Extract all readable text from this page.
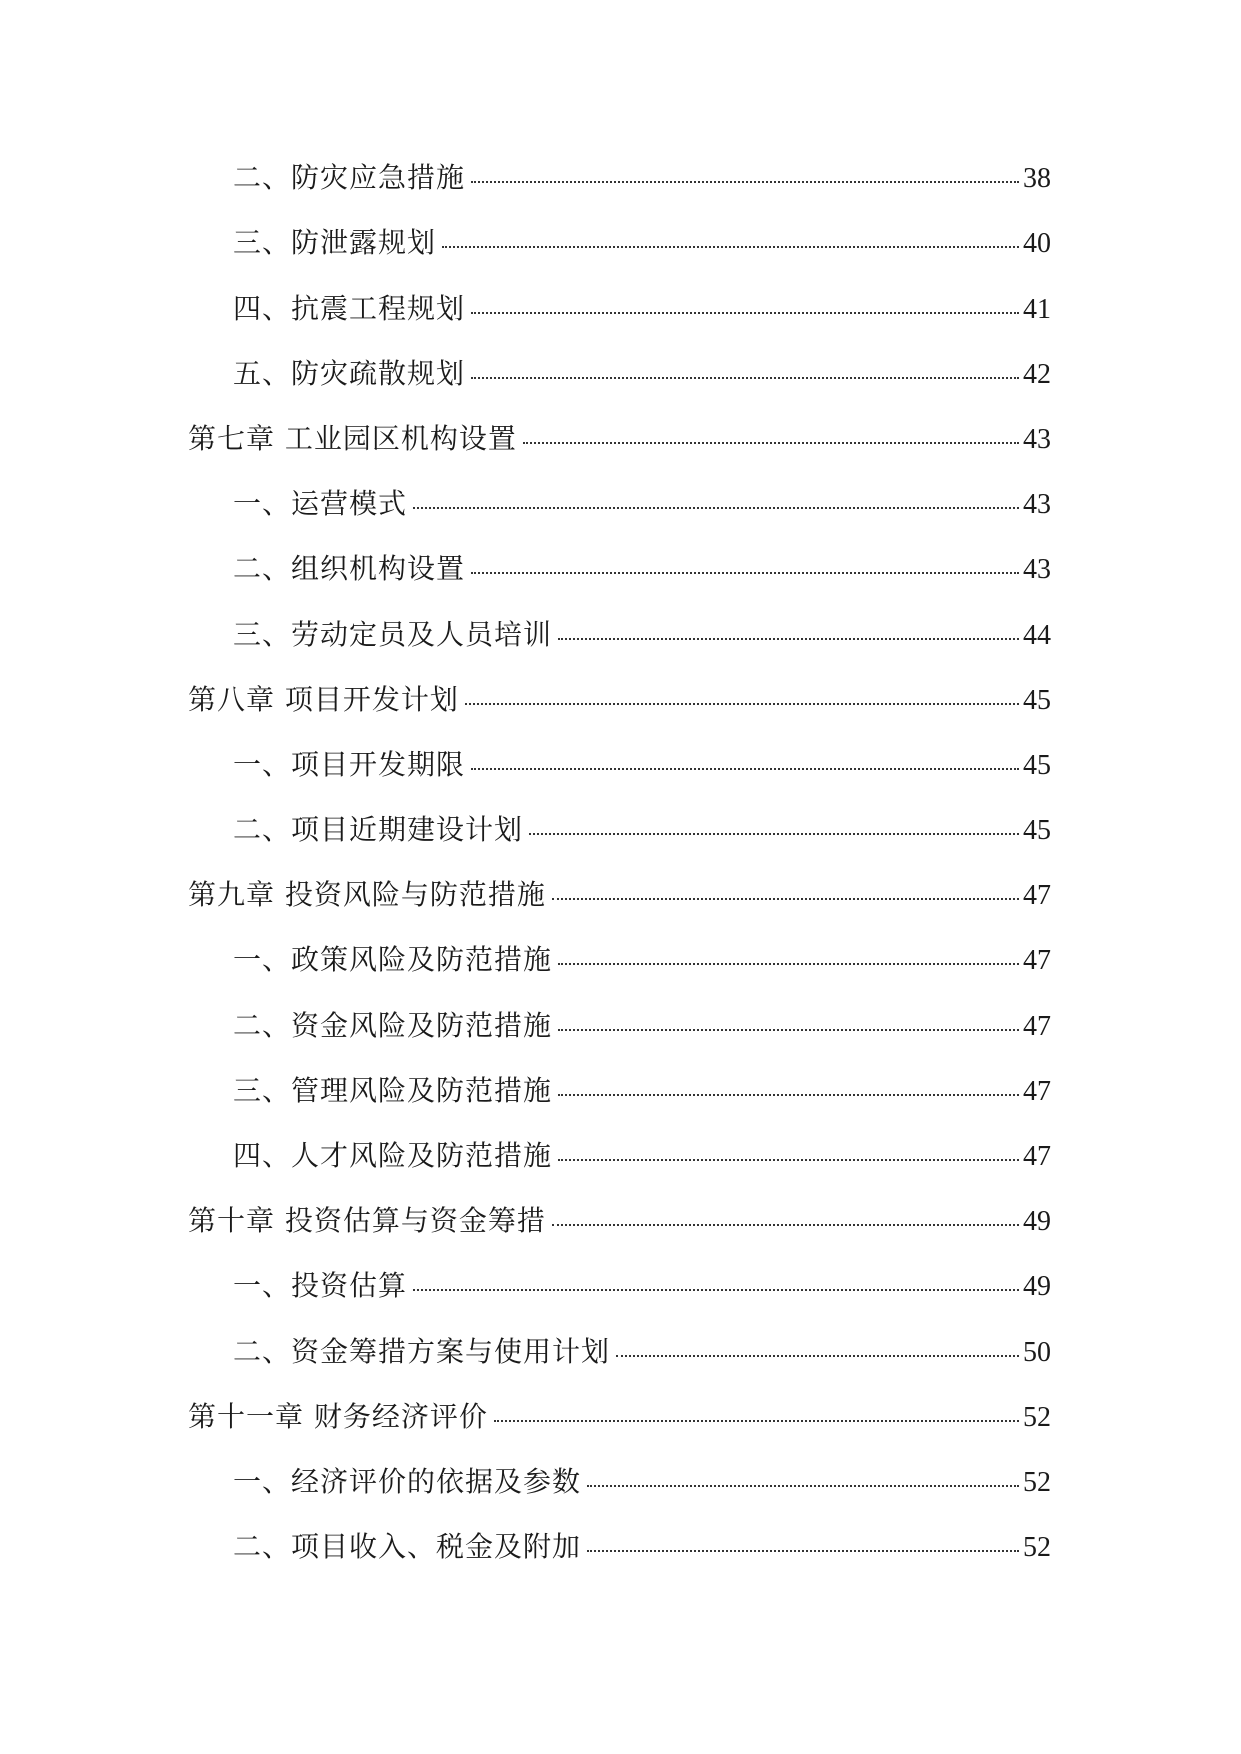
二、防灾应急措施	38
三、防泄露规划	40
四、抗震工程规划	41
五、防灾疏散规划	42
第七章 工业园区机构设置	43
一、运营模式	43
二、组织机构设置	43
三、劳动定员及人员培训	44
第八章 项目开发计划	45
一、项目开发期限	45
二、项目近期建设计划	45
第九章 投资风险与防范措施	47
一、政策风险及防范措施	47
二、资金风险及防范措施	47
三、管理风险及防范措施	47
四、人才风险及防范措施	47
第十章 投资估算与资金筹措	49
一、投资估算	49
二、资金筹措方案与使用计划	50
第十一章 财务经济评价	52
一、经济评价的依据及参数	52
二、项目收入、税金及附加	52
